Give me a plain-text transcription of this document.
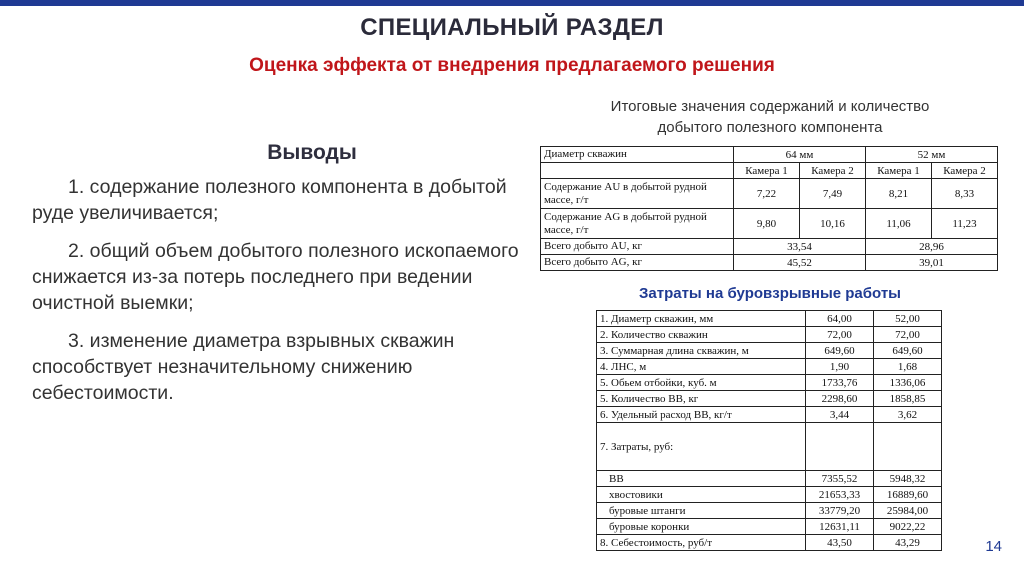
СПЕЦИАЛЬНЫЙ РАЗДЕЛ
Оценка эффекта от внедрения предлагаемого решения
Выводы

1. содержание полезного компонента в добытой руде увеличивается;

2. общий объем добытого полезного ископаемого снижается из-за потерь последнего при ведении очистной выемки;

3. изменение диаметра взрывных скважин способствует незначительному снижению себестоимости.

Итоговые значения содержаний и количество
добытого полезного компонента
Диаметр скважин	64 мм		52 мм	
	Камера 1	Камера 2	Камера 1	Камера 2
Содержание AU в добытой рудной массе, г/т	7,22	7,49	8,21	8,33
Содержание AG в добытой рудной массе, г/т	9,80	10,16	11,06	11,23
Всего добыто AU, кг	33,54		28,96	
Всего добыто AG, кг	45,52		39,01	
Затраты на буровзрывные работы
1. Диаметр скважин, мм	64,00	52,00
2. Количество скважин	72,00	72,00
3. Суммарная длина скважин, м	649,60	649,60
4. ЛНС, м	1,90	1,68
5. Обьем отбойки, куб. м	1733,76	1336,06
5. Количество ВВ, кг	2298,60	1858,85
6. Удельный расход ВВ, кг/т	3,44	3,62
7. Затраты, руб:		
ВВ	7355,52	5948,32
хвостовики	21653,33	16889,60
буровые штанги	33779,20	25984,00
буровые коронки	12631,11	9022,22
8. Себестоимость, руб/т	43,50	43,29	14
